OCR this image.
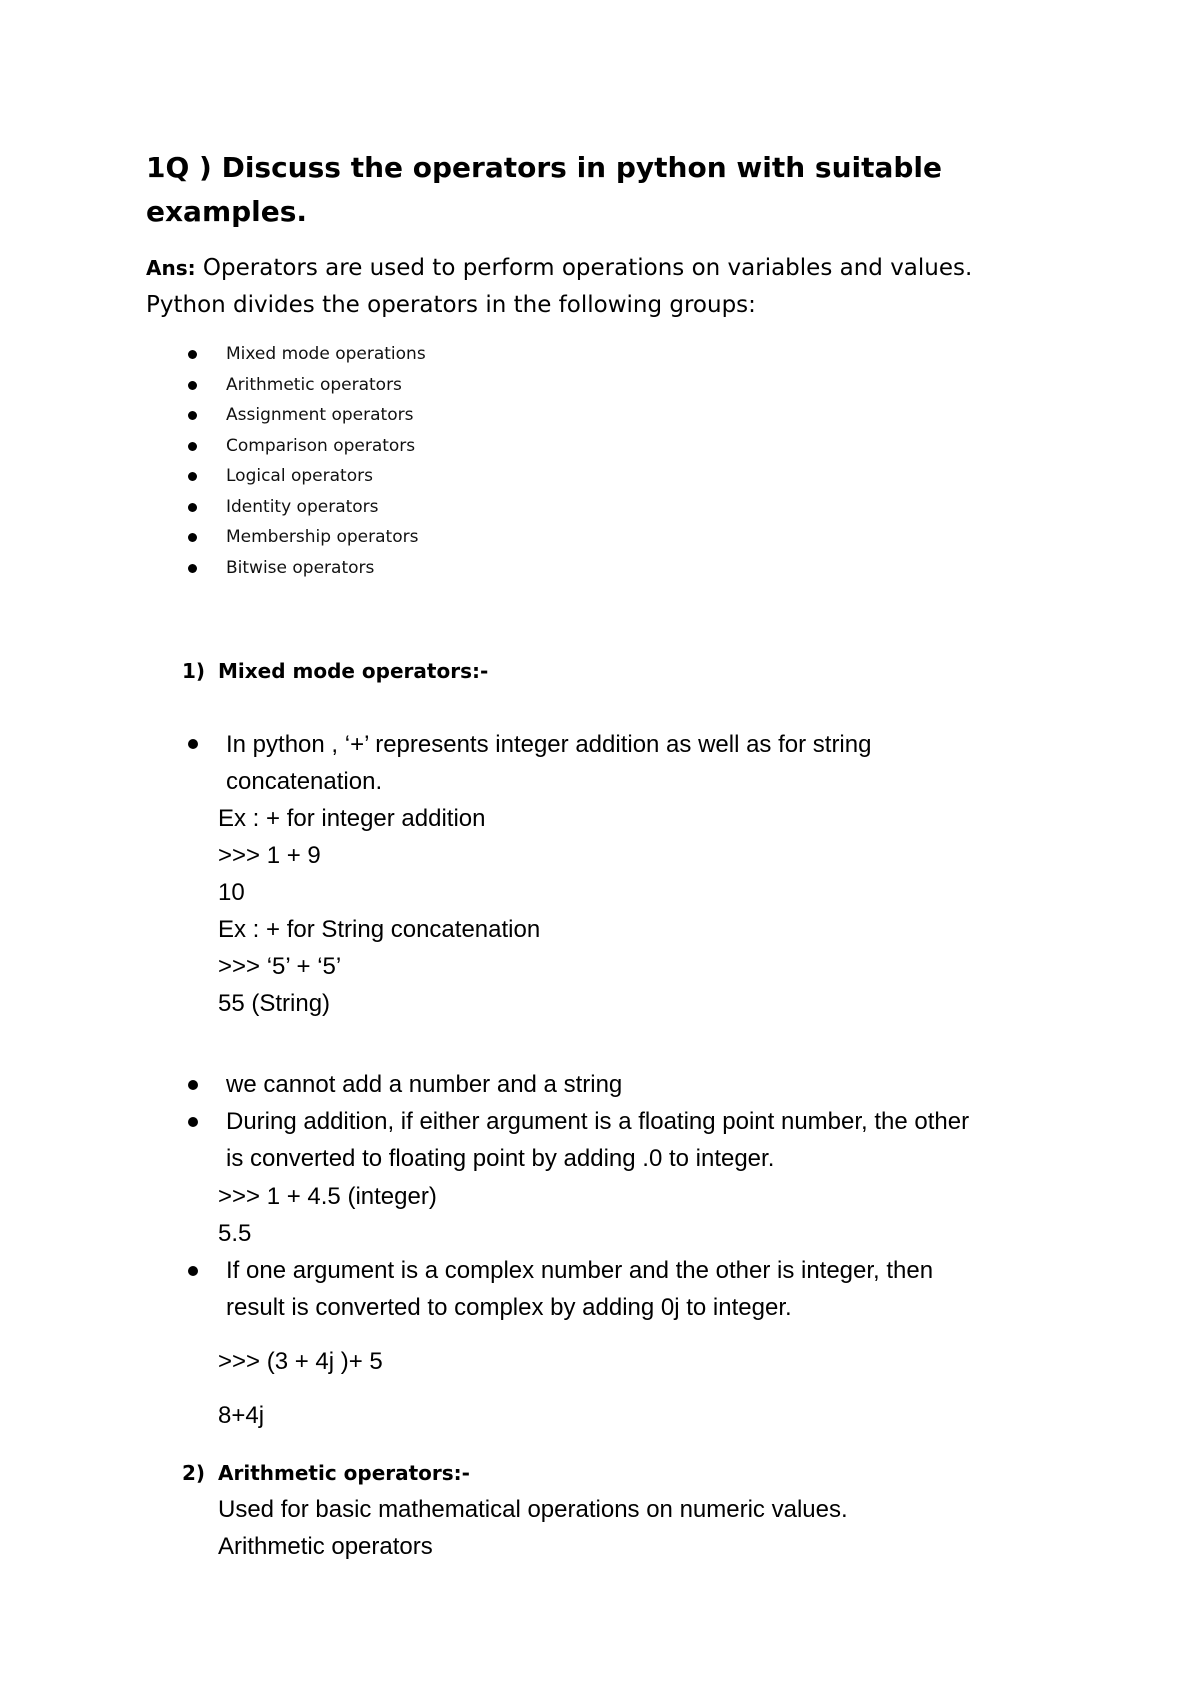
1Q ) Discuss the operators in python with suitable
examples.
Ans: Operators are used to perform operations on variables and values.
Python divides the operators in the following groups:
Mixed mode operations
Arithmetic operators
Assignment operators
Comparison operators
Logical operators
Identity operators
Membership operators
Bitwise operators
1) Mixed mode operators:-
In python , ‘+’ represents integer addition as well as for string
concatenation.
Ex : + for integer addition
>>> 1 + 9
10
Ex : + for String concatenation
>>> ‘5’ + ‘5’
55 (String)
we cannot add a number and a string
During addition, if either argument is a floating point number, the other
is converted to floating point by adding .0 to integer.
>>> 1 + 4.5 (integer)
5.5
If one argument is a complex number and the other is integer, then
result is converted to complex by adding 0j to integer.
>>> (3 + 4j )+ 5
8+4j
2) Arithmetic operators:-
Used for basic mathematical operations on numeric values.
Arithmetic operators
